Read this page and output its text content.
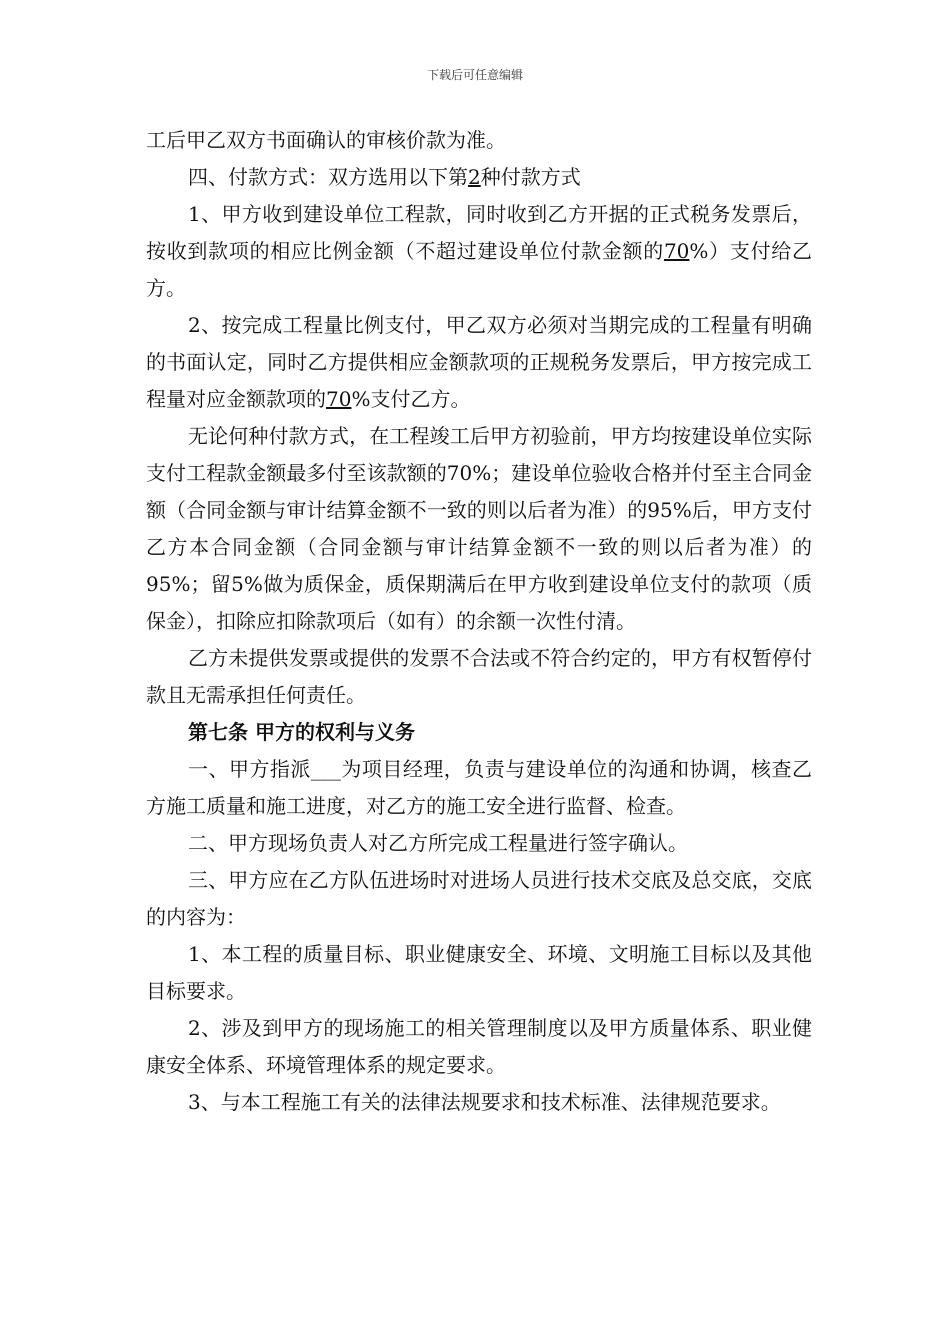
下载后可任意编辑

工后甲乙双方书面确认的审核价款为准。

四、付款方式：双方选用以下第2种付款方式

1、甲方收到建设单位工程款，同时收到乙方开据的正式税务发票后，按收到款项的相应比例金额（不超过建设单位付款金额的70%）支付给乙方。

2、按完成工程量比例支付，甲乙双方必须对当期完成的工程量有明确的书面认定，同时乙方提供相应金额款项的正规税务发票后，甲方按完成工程量对应金额款项的70%支付乙方。

无论何种付款方式，在工程竣工后甲方初验前，甲方均按建设单位实际支付工程款金额最多付至该款额的70%；建设单位验收合格并付至主合同金额（合同金额与审计结算金额不一致的则以后者为准）的95%后，甲方支付乙方本合同金额（合同金额与审计结算金额不一致的则以后者为准）的95%；留5%做为质保金，质保期满后在甲方收到建设单位支付的款项（质保金），扣除应扣除款项后（如有）的余额一次性付清。

乙方未提供发票或提供的发票不合法或不符合约定的，甲方有权暂停付款且无需承担任何责任。

第七条 甲方的权利与义务

一、甲方指派___为项目经理，负责与建设单位的沟通和协调，核查乙方施工质量和施工进度，对乙方的施工安全进行监督、检查。

二、甲方现场负责人对乙方所完成工程量进行签字确认。

三、甲方应在乙方队伍进场时对进场人员进行技术交底及总交底，交底的内容为：

1、本工程的质量目标、职业健康安全、环境、文明施工目标以及其他目标要求。

2、涉及到甲方的现场施工的相关管理制度以及甲方质量体系、职业健康安全体系、环境管理体系的规定要求。

3、与本工程施工有关的法律法规要求和技术标准、法律规范要求。
